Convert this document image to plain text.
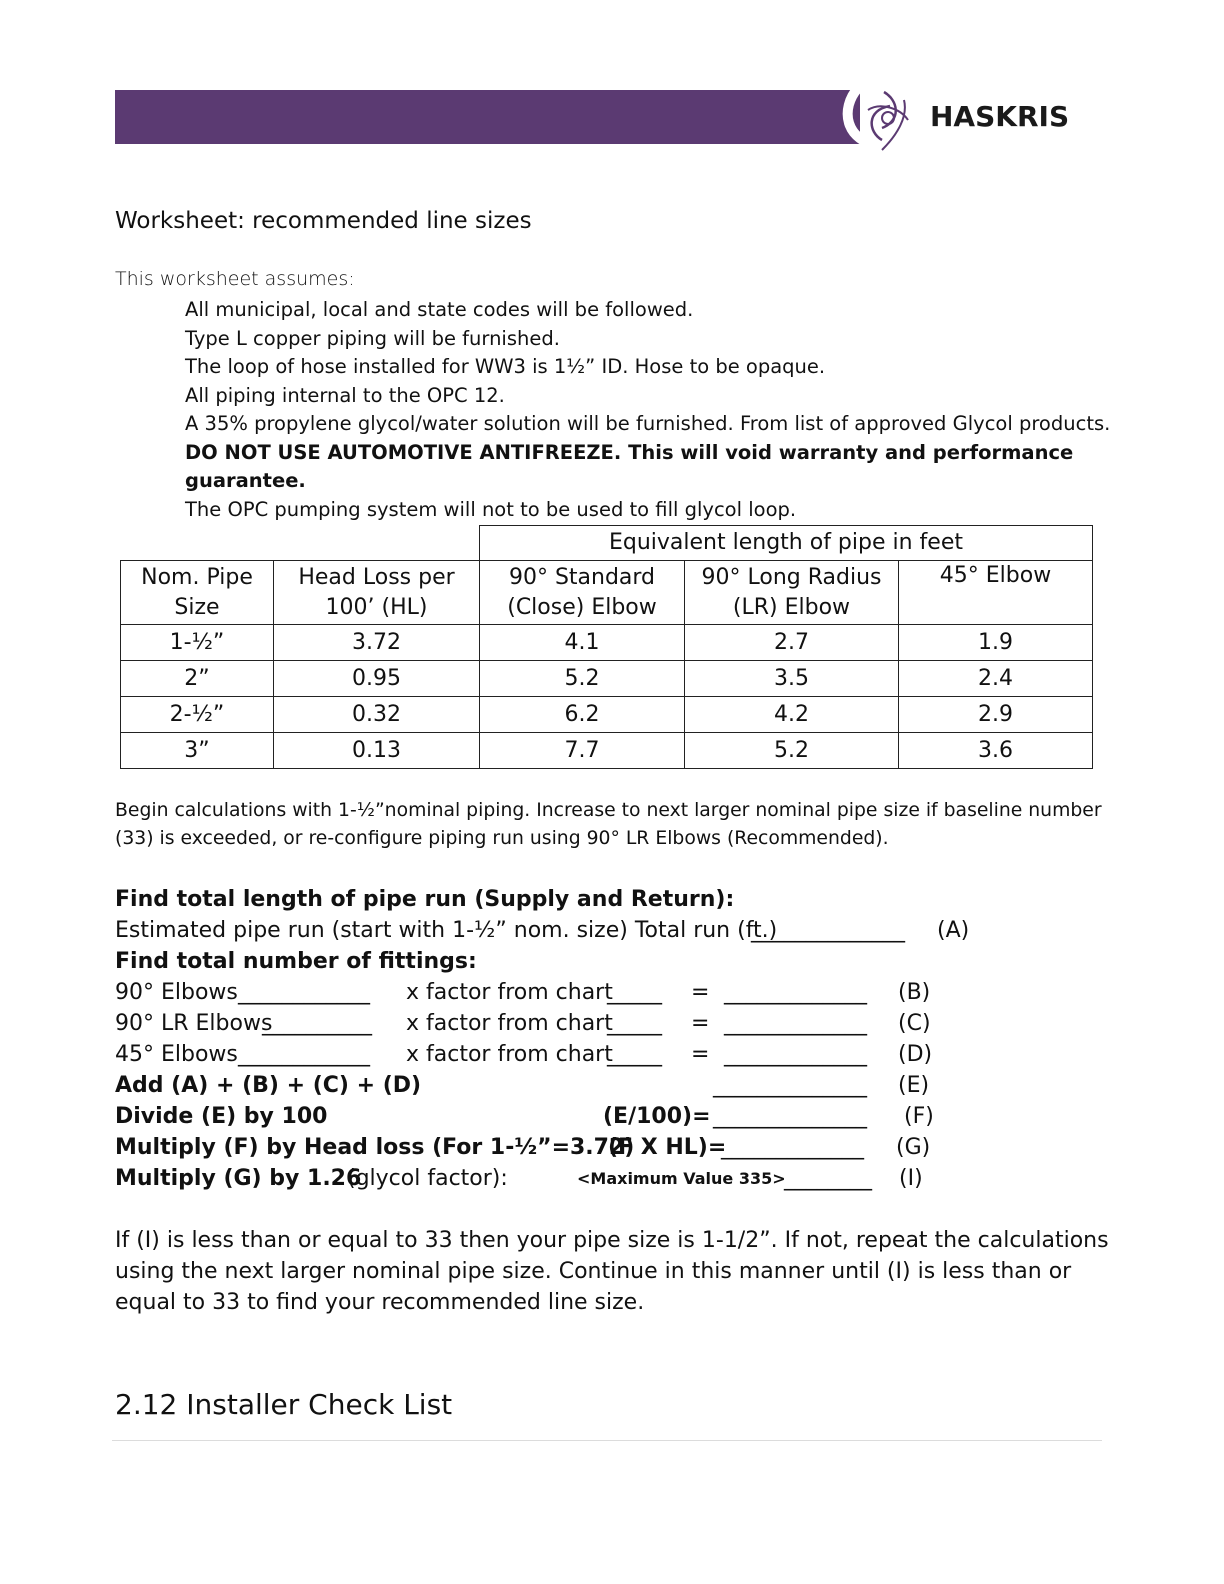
HASKRIS
Worksheet: recommended line sizes
This worksheet assumes:
All municipal, local and state codes will be followed.
Type L copper piping will be furnished.
The loop of hose installed for WW3 is 1½” ID. Hose to be opaque.
All piping internal to the OPC 12.
A 35% propylene glycol/water solution will be furnished. From list of approved Glycol products.
DO NOT USE AUTOMOTIVE ANTIFREEZE. This will void warranty and performance guarantee.
The OPC pumping system will not to be used to fill glycol loop.
		Equivalent length of pipe in feet		
Nom. Pipe Size	Head Loss per 100’ (HL)	90° Standard (Close) Elbow	90° Long Radius (LR) Elbow	45° Elbow
1-½”	3.72	4.1	2.7	1.9
2”	0.95	5.2	3.5	2.4
2-½”	0.32	6.2	4.2	2.9
3”	0.13	7.7	5.2	3.6
Begin calculations with 1-½”nominal piping. Increase to next larger nominal pipe size if baseline number (33) is exceeded, or re-configure piping run using 90° LR Elbows (Recommended).
Find total length of pipe run (Supply and Return):
Estimated pipe run (start with 1-½” nom. size) Total run (ft.)
______________ (A)
Find total number of fittings:
90° Elbows ____________ x factor from chart
_____ = _____________ (B)
90° LR Elbows
__________ x factor from chart
_____ = _____________ (C)
45° Elbows ____________ x factor from chart
_____ = _____________ (D)
Add (A) + (B) + (C) + (D)	______________ (E)
Divide (E) by 100	(E/100)= ______________ (F)
Multiply (F) by Head loss (For 1-½”=3.72)
(F X HL)=
_____________ (G)
Multiply (G) by 1.26
(glycol factor):	<Maximum Value 335>
________ (I)
If (I) is less than or equal to 33 then your pipe size is 1-1/2”. If not, repeat the calculations using the next larger nominal pipe size. Continue in this manner until (I) is less than or equal to 33 to find your recommended line size.
2.12 Installer Check List
